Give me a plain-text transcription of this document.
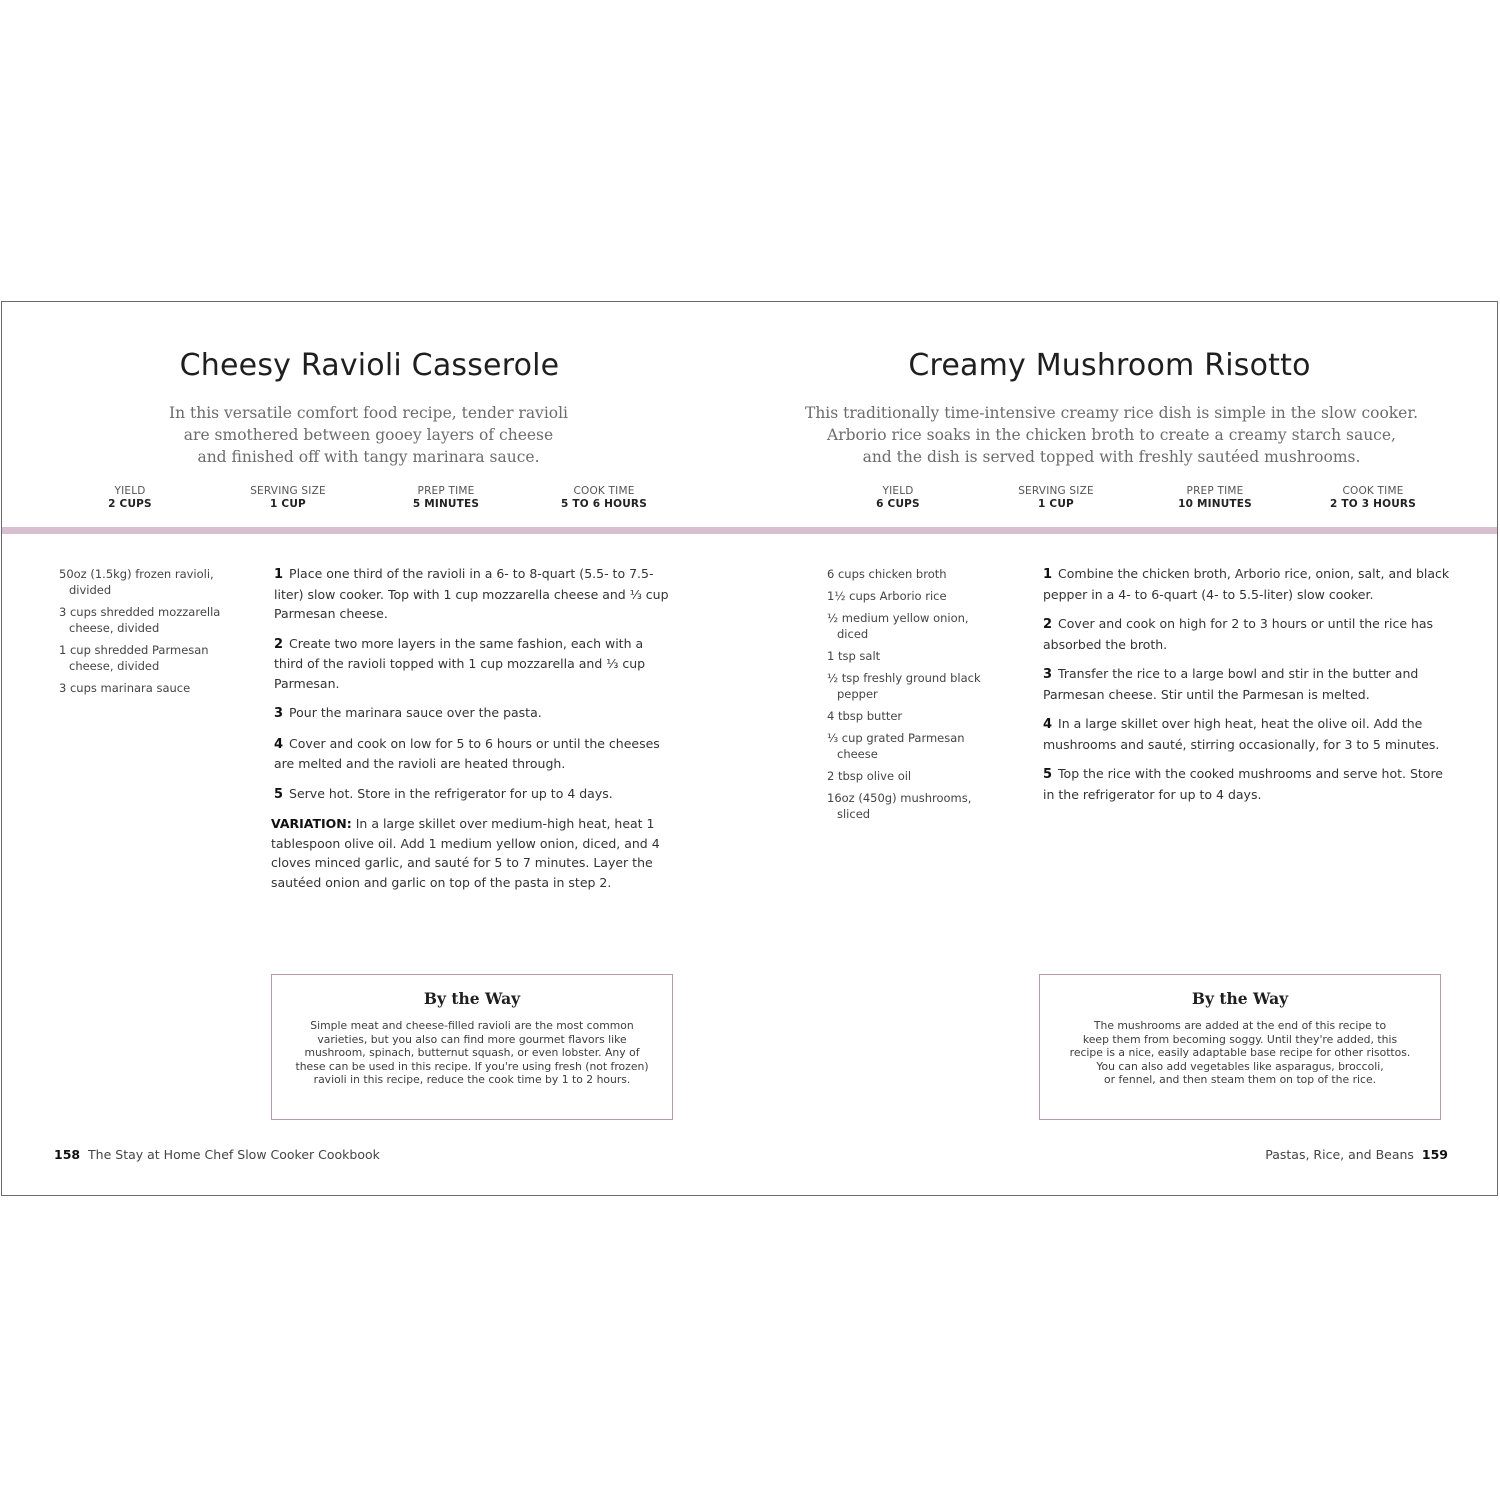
Cheesy Ravioli Casserole
In this versatile comfort food recipe, tender ravioli
are smothered between gooey layers of cheese
and finished off with tangy marinara sauce.
YIELD
2 CUPS
SERVING SIZE
1 CUP
PREP TIME
5 MINUTES
COOK TIME
5 TO 6 HOURS
50oz (1.5kg) frozen ravioli, divided
3 cups shredded mozzarella cheese, divided
1 cup shredded Parmesan cheese, divided
3 cups marinara sauce

1 Place one third of the ravioli in a 6- to 8-quart (5.5- to 7.5-liter) slow cooker. Top with 1 cup mozzarella cheese and ⅓ cup Parmesan cheese.

2 Create two more layers in the same fashion, each with a third of the ravioli topped with 1 cup mozzarella and ⅓ cup Parmesan.

3 Pour the marinara sauce over the pasta.

4 Cover and cook on low for 5 to 6 hours or until the cheeses are melted and the ravioli are heated through.

5 Serve hot. Store in the refrigerator for up to 4 days.

VARIATION: In a large skillet over medium-high heat, heat 1 tablespoon olive oil. Add 1 medium yellow onion, diced, and 4 cloves minced garlic, and sauté for 5 to 7 minutes. Layer the sautéed onion and garlic on top of the pasta in step 2.

By the Way
Simple meat and cheese-filled ravioli are the most common
varieties, but you also can find more gourmet flavors like
mushroom, spinach, butternut squash, or even lobster. Any of
these can be used in this recipe. If you're using fresh (not frozen)
ravioli in this recipe, reduce the cook time by 1 to 2 hours.
158 The Stay at Home Chef Slow Cooker Cookbook
Creamy Mushroom Risotto
This traditionally time-intensive creamy rice dish is simple in the slow cooker.
Arborio rice soaks in the chicken broth to create a creamy starch sauce,
and the dish is served topped with freshly sautéed mushrooms.
YIELD
6 CUPS
SERVING SIZE
1 CUP
PREP TIME
10 MINUTES
COOK TIME
2 TO 3 HOURS
6 cups chicken broth
1½ cups Arborio rice
½ medium yellow onion, diced
1 tsp salt
½ tsp freshly ground black pepper
4 tbsp butter
⅓ cup grated Parmesan cheese
2 tbsp olive oil
16oz (450g) mushrooms, sliced

1 Combine the chicken broth, Arborio rice, onion, salt, and black pepper in a 4- to 6-quart (4- to 5.5-liter) slow cooker.

2 Cover and cook on high for 2 to 3 hours or until the rice has absorbed the broth.

3 Transfer the rice to a large bowl and stir in the butter and Parmesan cheese. Stir until the Parmesan is melted.

4 In a large skillet over high heat, heat the olive oil. Add the mushrooms and sauté, stirring occasionally, for 3 to 5 minutes.

5 Top the rice with the cooked mushrooms and serve hot. Store in the refrigerator for up to 4 days.

By the Way
The mushrooms are added at the end of this recipe to
keep them from becoming soggy. Until they're added, this
recipe is a nice, easily adaptable base recipe for other risottos.
You can also add vegetables like asparagus, broccoli,
or fennel, and then steam them on top of the rice.
Pastas, Rice, and Beans 159
